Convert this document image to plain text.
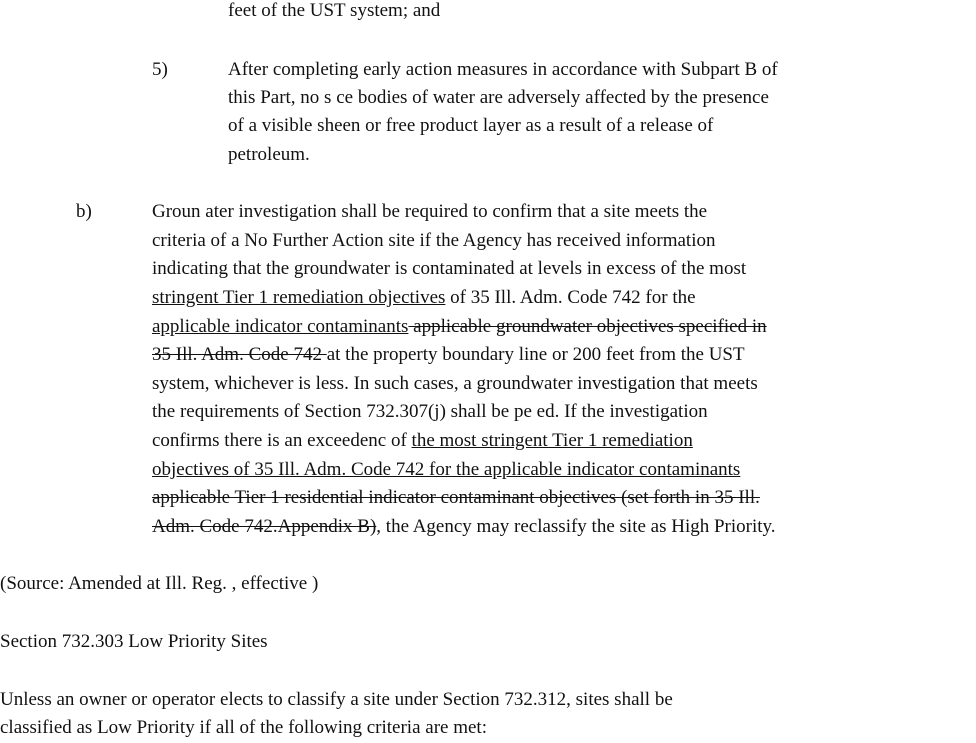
feet of the UST system; and
5)	After completing early action measures in accordance with Subpart B of
this Part, no s ce bodies of water are adversely affected by the presence
of a visible sheen or free product layer as a result of a release of
petroleum.
b)	Groun ater investigation shall be required to confirm that a site meets the
criteria of a No Further Action site if the Agency has received information
indicating that the groundwater is contaminated at levels in excess of the most
stringent Tier 1 remediation objectives of 35 Ill. Adm. Code 742 for the
applicable indicator contaminants applicable groundwater objectives specified in
35 Ill. Adm. Code 742 at the property boundary line or 200 feet from the UST
system, whichever is less. In such cases, a groundwater investigation that meets
the requirements of Section 732.307(j) shall be pe ed. If the investigation
confirms there is an exceedenc of the most stringent Tier 1 remediation
objectives of 35 Ill. Adm. Code 742 for the applicable indicator contaminants
applicable Tier 1 residential indicator contaminant objectives (set forth in 35 Ill.
Adm. Code 742.Appendix B), the Agency may reclassify the site as High Priority.
(Source: Amended at Ill. Reg. , effective )
Section 732.303 Low Priority Sites
Unless an owner or operator elects to classify a site under Section 732.312, sites shall be
classified as Low Priority if all of the following criteria are met:
